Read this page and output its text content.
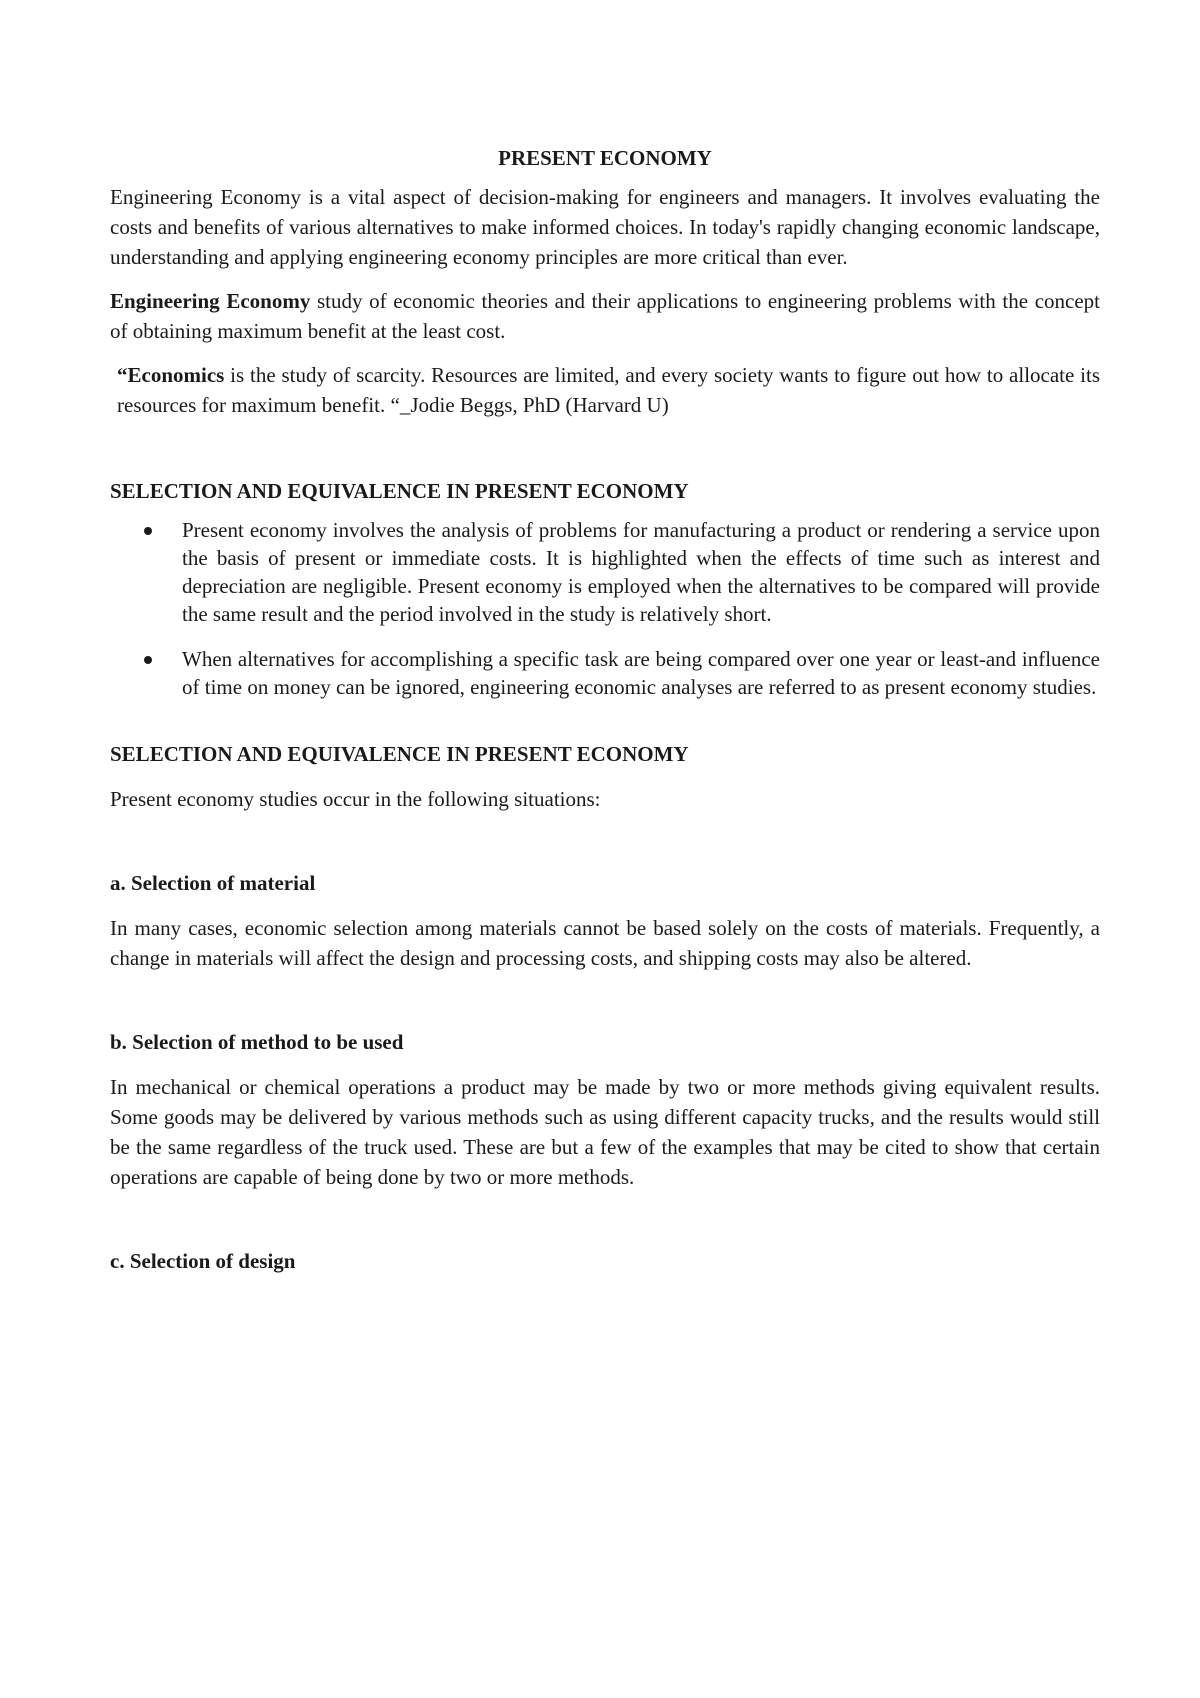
PRESENT ECONOMY

Engineering Economy is a vital aspect of decision-making for engineers and managers. It involves evaluating the costs and benefits of various alternatives to make informed choices. In today's rapidly changing economic landscape, understanding and applying engineering economy principles are more critical than ever.

Engineering Economy study of economic theories and their applications to engineering problems with the concept of obtaining maximum benefit at the least cost.

“Economics is the study of scarcity. Resources are limited, and every society wants to figure out how to allocate its resources for maximum benefit. “_Jodie Beggs, PhD (Harvard U)

SELECTION AND EQUIVALENCE IN PRESENT ECONOMY

Present economy involves the analysis of problems for manufacturing a product or rendering a service upon the basis of present or immediate costs. It is highlighted when the effects of time such as interest and depreciation are negligible. Present economy is employed when the alternatives to be compared will provide the same result and the period involved in the study is relatively short.
When alternatives for accomplishing a specific task are being compared over one year or least-and influence of time on money can be ignored, engineering economic analyses are referred to as present economy studies.

SELECTION AND EQUIVALENCE IN PRESENT ECONOMY

Present economy studies occur in the following situations:

a. Selection of material

In many cases, economic selection among materials cannot be based solely on the costs of materials. Frequently, a change in materials will affect the design and processing costs, and shipping costs may also be altered.

b. Selection of method to be used

In mechanical or chemical operations a product may be made by two or more methods giving equivalent results. Some goods may be delivered by various methods such as using different capacity trucks, and the results would still be the same regardless of the truck used. These are but a few of the examples that may be cited to show that certain operations are capable of being done by two or more methods.

c. Selection of design
